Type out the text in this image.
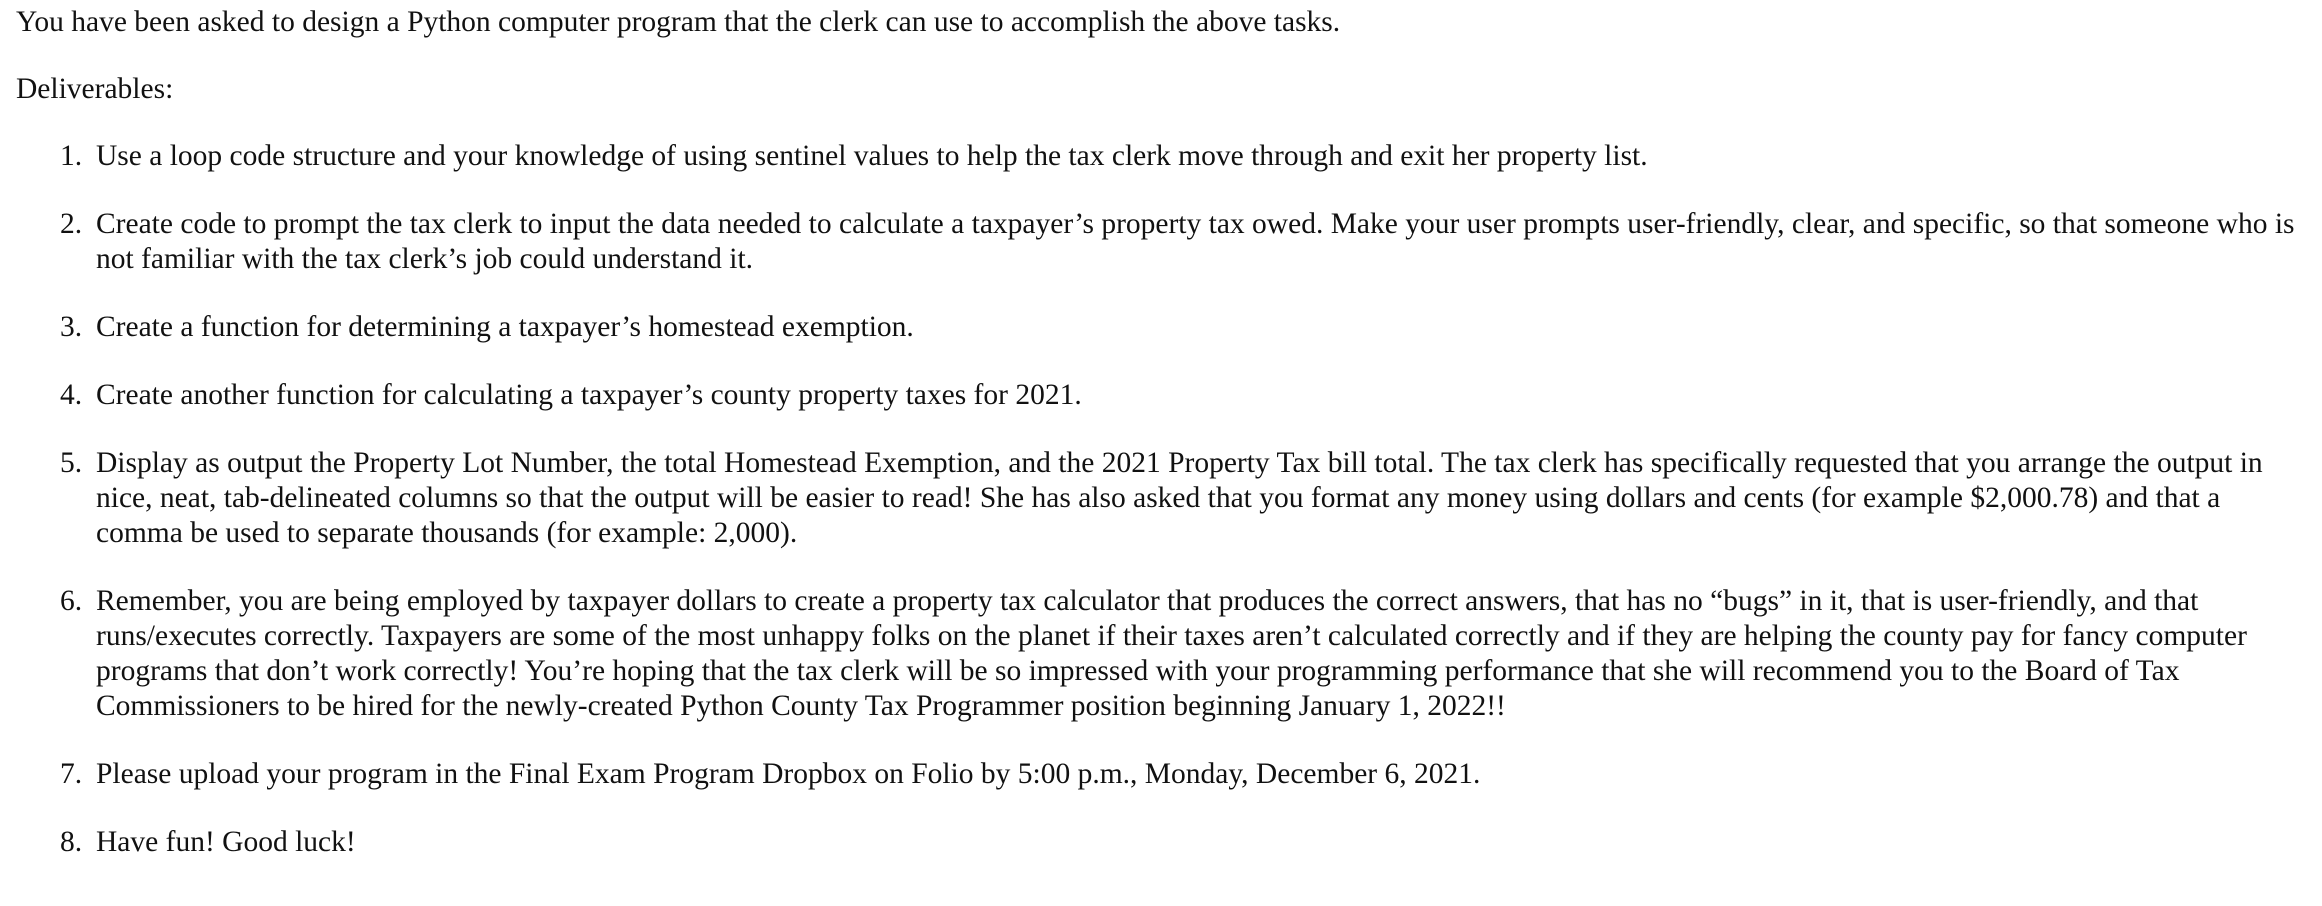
You have been asked to design a Python computer program that the clerk can use to accomplish the above tasks.

Deliverables:

1. Use a loop code structure and your knowledge of using sentinel values to help the tax clerk move through and exit her property list.
2. Create code to prompt the tax clerk to input the data needed to calculate a taxpayer’s property tax owed. Make your user prompts user-friendly, clear, and specific, so that someone who is not familiar with the tax clerk’s job could understand it.
3. Create a function for determining a taxpayer’s homestead exemption.
4. Create another function for calculating a taxpayer’s county property taxes for 2021.
5. Display as output the Property Lot Number, the total Homestead Exemption, and the 2021 Property Tax bill total. The tax clerk has specifically requested that you arrange the output in nice, neat, tab-delineated columns so that the output will be easier to read! She has also asked that you format any money using dollars and cents (for example $2,000.78) and that a comma be used to separate thousands (for example: 2,000).
6. Remember, you are being employed by taxpayer dollars to create a property tax calculator that produces the correct answers, that has no “bugs” in it, that is user-friendly, and that runs/executes correctly. Taxpayers are some of the most unhappy folks on the planet if their taxes aren’t calculated correctly and if they are helping the county pay for fancy computer programs that don’t work correctly! You’re hoping that the tax clerk will be so impressed with your programming performance that she will recommend you to the Board of Tax Commissioners to be hired for the newly-created Python County Tax Programmer position beginning January 1, 2022!!
7. Please upload your program in the Final Exam Program Dropbox on Folio by 5:00 p.m., Monday, December 6, 2021.
8. Have fun! Good luck!
